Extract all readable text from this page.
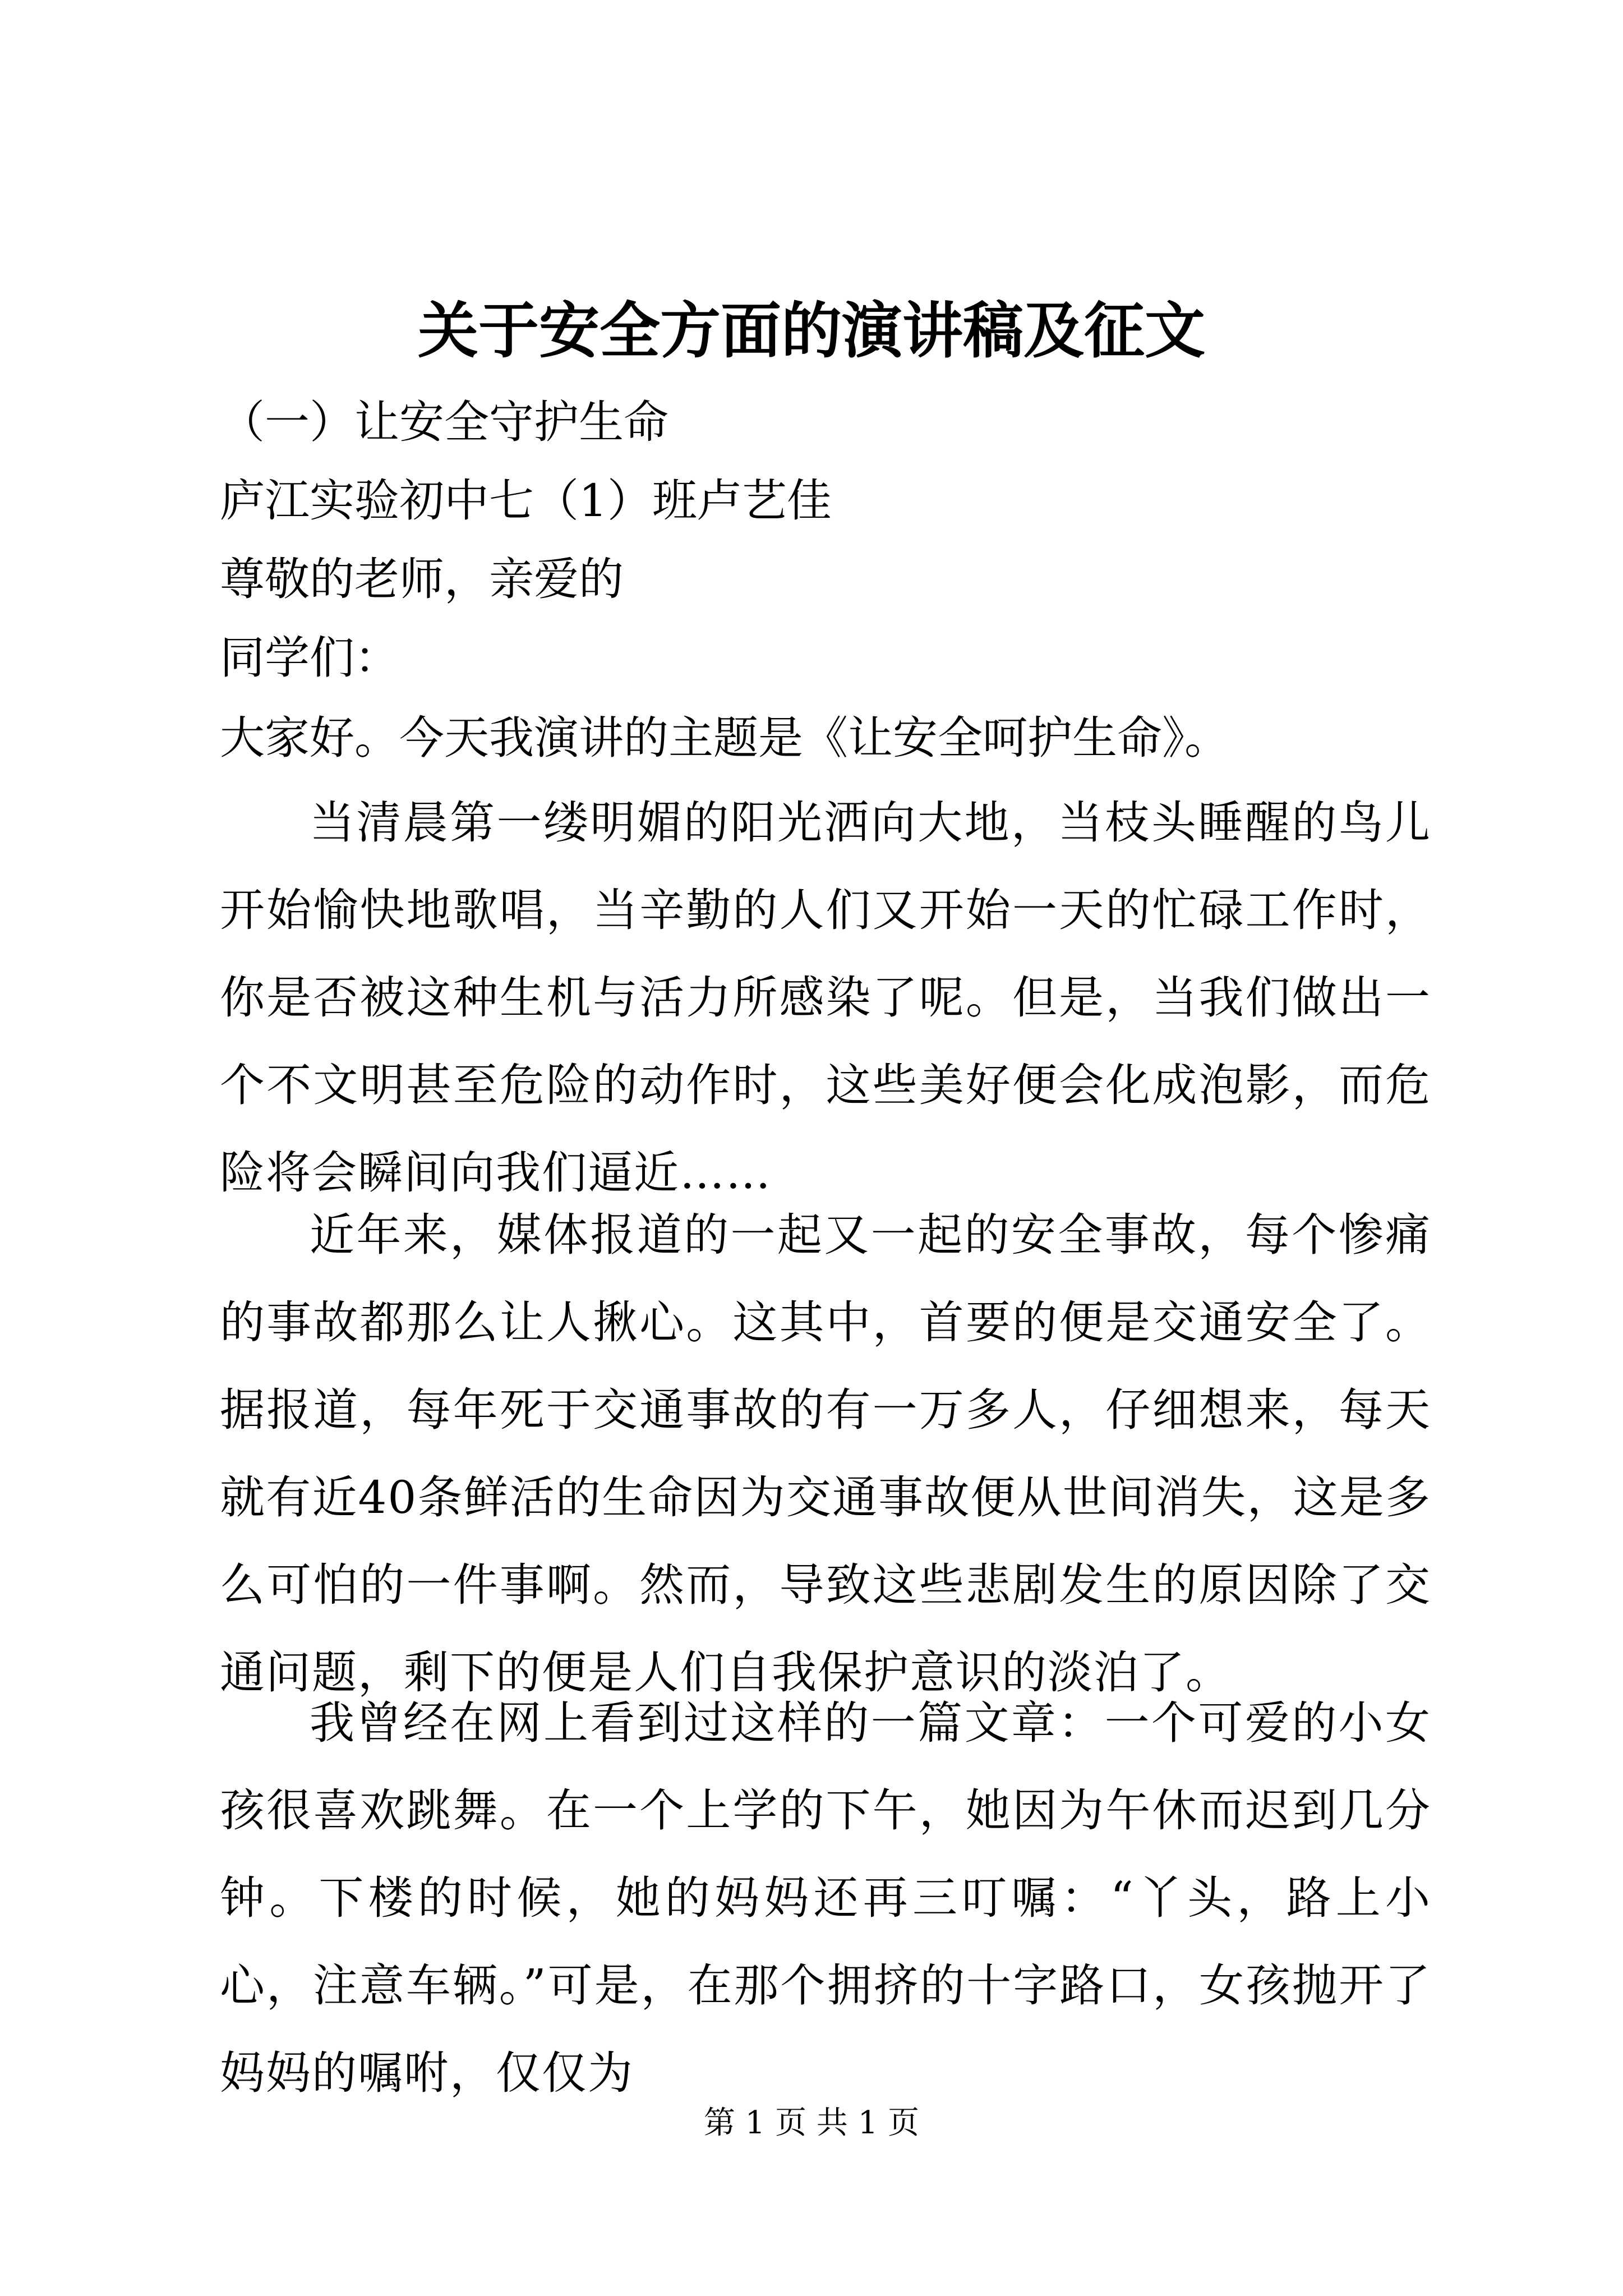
关于安全方面的演讲稿及征文
（一）让安全守护生命
庐江实验初中七（1）班卢艺佳
尊敬的老师，亲爱的
同学们：
大家好。今天我演讲的主题是《让安全呵护生命》。
当清晨第一缕明媚的阳光洒向大地，当枝头睡醒的鸟儿开始愉快地歌唱，当辛勤的人们又开始一天的忙碌工作时，你是否被这种生机与活力所感染了呢。但是，当我们做出一个不文明甚至危险的动作时，这些美好便会化成泡影，而危险将会瞬间向我们逼近……
近年来，媒体报道的一起又一起的安全事故，每个惨痛的事故都那么让人揪心。这其中，首要的便是交通安全了。据报道，每年死于交通事故的有一万多人，仔细想来，每天就有近40条鲜活的生命因为交通事故便从世间消失，这是多么可怕的一件事啊。然而，导致这些悲剧发生的原因除了交通问题，剩下的便是人们自我保护意识的淡泊了。
我曾经在网上看到过这样的一篇文章：一个可爱的小女孩很喜欢跳舞。在一个上学的下午，她因为午休而迟到几分钟。下楼的时候，她的妈妈还再三叮嘱：“丫头，路上小心，注意车辆。”可是，在那个拥挤的十字路口，女孩抛开了妈妈的嘱咐，仅仅为
第 1 页 共 1 页
